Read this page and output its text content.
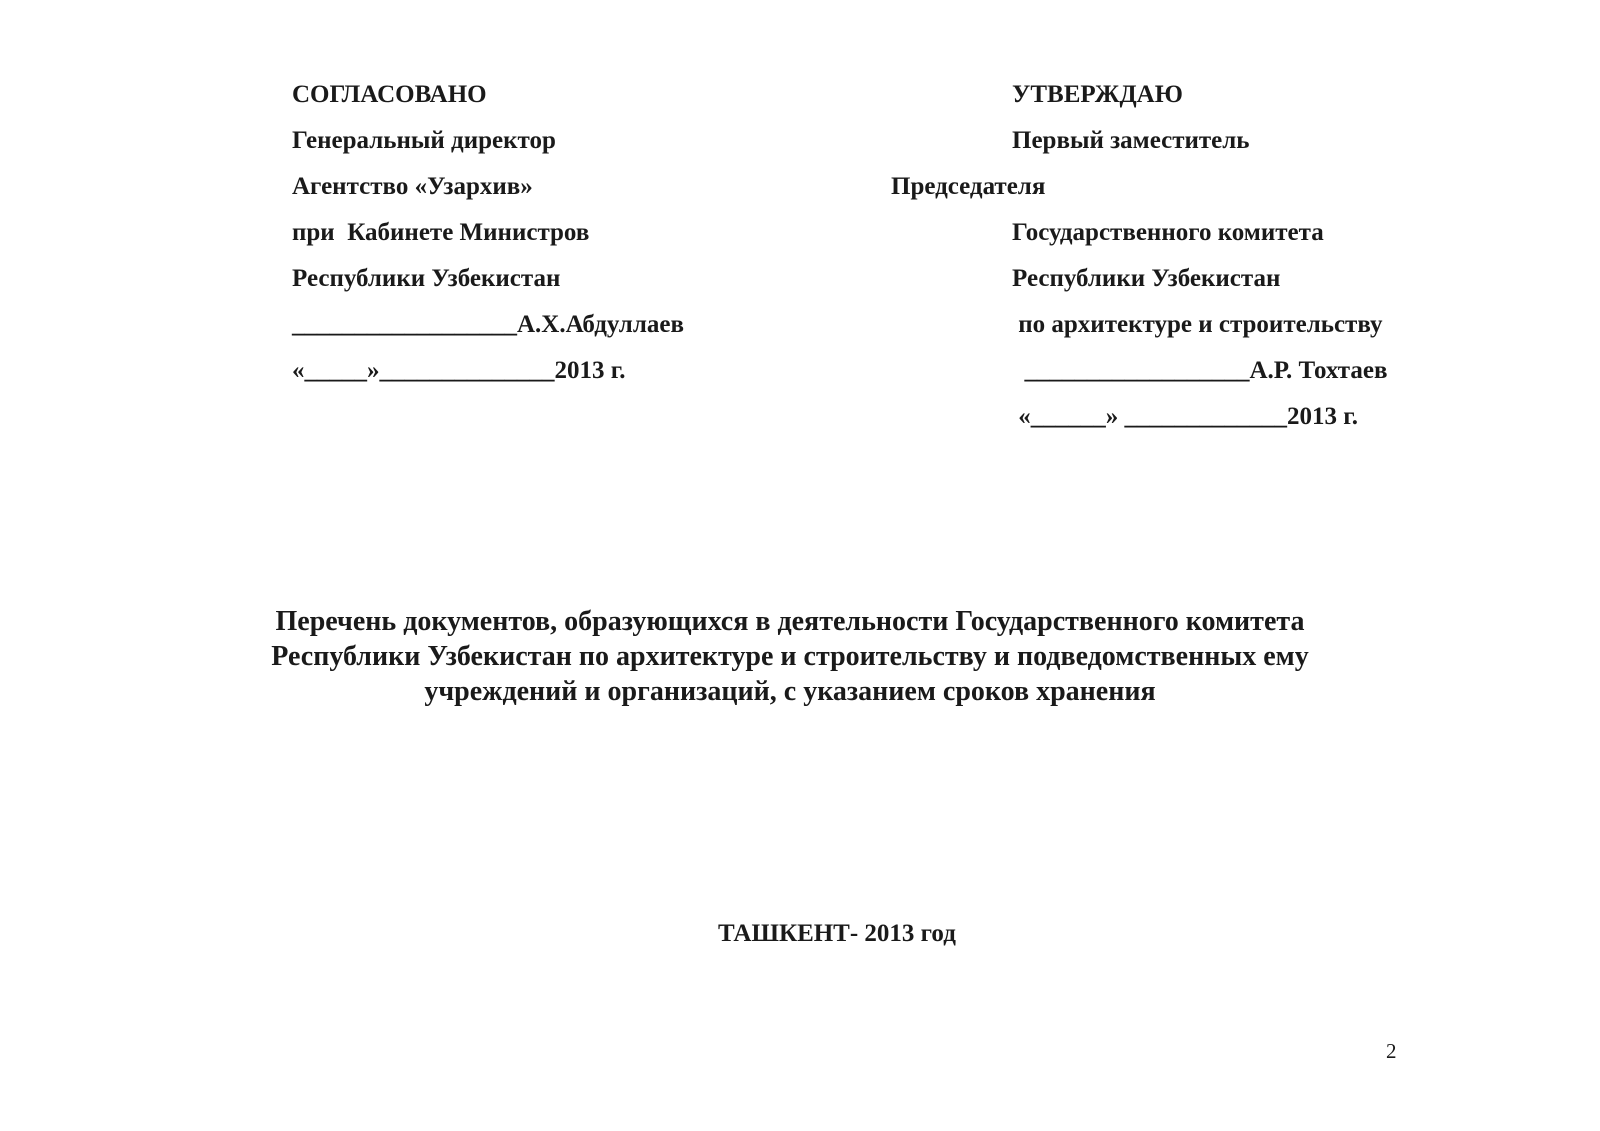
СОГЛАСОВАНО

Генеральный директор

Агентство «Узархив»

при  Кабинете Министров

Республики Узбекистан

__________________А.Х.Абдуллаев

«_____»______________2013 г.

УТВЕРЖДАЮ

Первый заместитель

Председателя

Государственного комитета

Республики Узбекистан

по архитектуре и строительству

__________________А.Р. Тохтаев

«______» _____________2013 г.

Перечень документов, образующихся в деятельности Государственного комитета
Республики Узбекистан по архитектуре и строительству и подведомственных ему
учреждений и организаций, с указанием сроков хранения

ТАШКЕНТ- 2013 год

2
